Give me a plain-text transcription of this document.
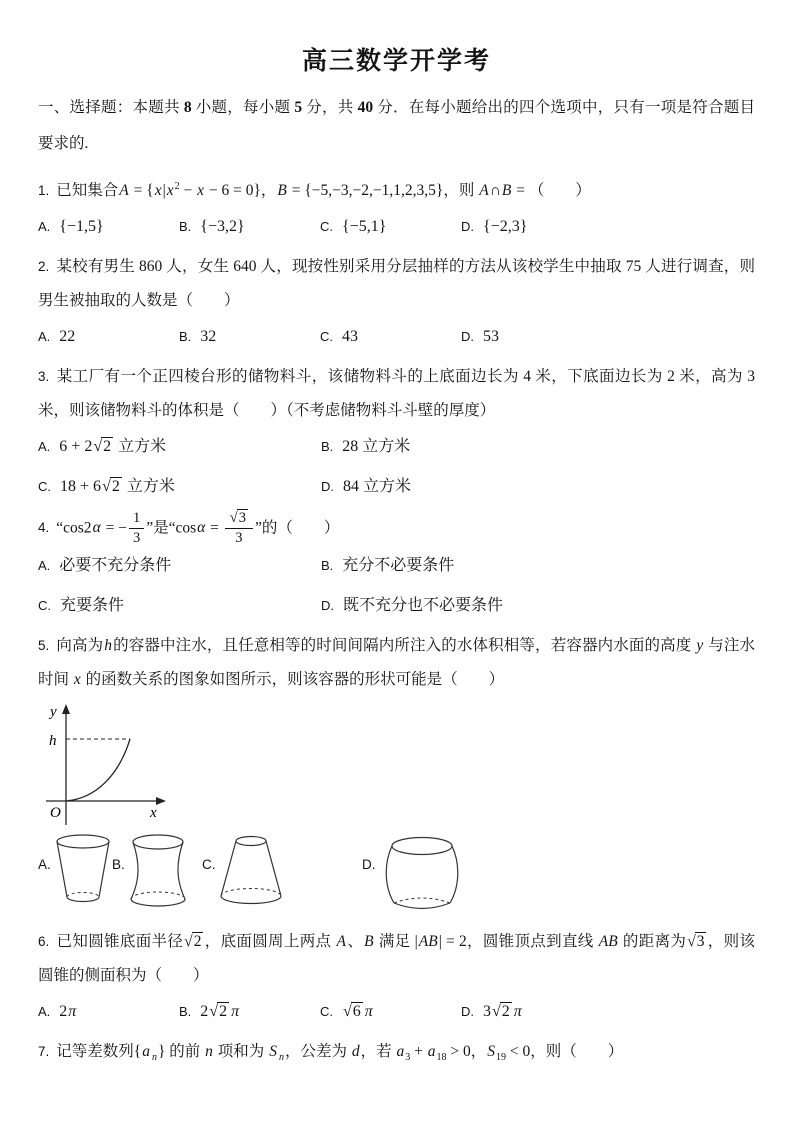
高三数学开学考
一、选择题：本题共 8 小题，每小题 5 分，共 40 分．在每小题给出的四个选项中，只有一项是符合题目要求的.
1. 已知集合$A = \{x|x^2 - x - 6 = 0\}$，B = {−5,−3,−2,−1,1,2,3,5}，则 A∩B = （　　）
A. {−1,5}	B. {−3,2}	C. {−5,1}	D. {−2,3}
2. 某校有男生 860 人，女生 640 人，现按性别采用分层抽样的方法从该校学生中抽取 75 人进行调查，则男生被抽取的人数是（　　）
A. 22	B. 32	C. 43	D. 53
3. 某工厂有一个正四棱台形的储物料斗，该储物料斗的上底面边长为 4 米，下底面边长为 2 米，高为 3 米，则该储物料斗的体积是（　　）（不考虑储物料斗斗壁的厚度）
A. 6 + 2√ 2 立方米	B. 28 立方米
C. 18 + 6√ 2 立方米	D. 84 立方米
4. “cos2α = − $\frac{1}{3}$ ”是“$\cos\alpha = \frac{√ 3}{3}$ ”的（　　）
A. 必要不充分条件	B. 充分不必要条件
C. 充要条件	D. 既不充分也不必要条件
5. 向高为h的容器中注水，且任意相等的时间间隔内所注入的水体积相等，若容器内水面的高度 y 与注水时间 x 的函数关系的图象如图所示，则该容器的形状可能是（　　）
y
h
O	x
A.	B.	C.	D.
6. 已知圆锥底面半径√ 2 ，底面圆周上两点 A、B 满足 |AB| = 2，圆锥顶点到直线 AB 的距离为√ 3 ，则该圆锥的侧面积为（　　）
A. 2π	B. 2√ 2 π	C. √ 6 π	D. 3√ 2 π
7. 记等差数列{a $_n$} 的前 n 项和为 S $_n$，公差为 d，若 $a_3 + a_{18} > 0$，$S_{19} < 0$，则（　　）
